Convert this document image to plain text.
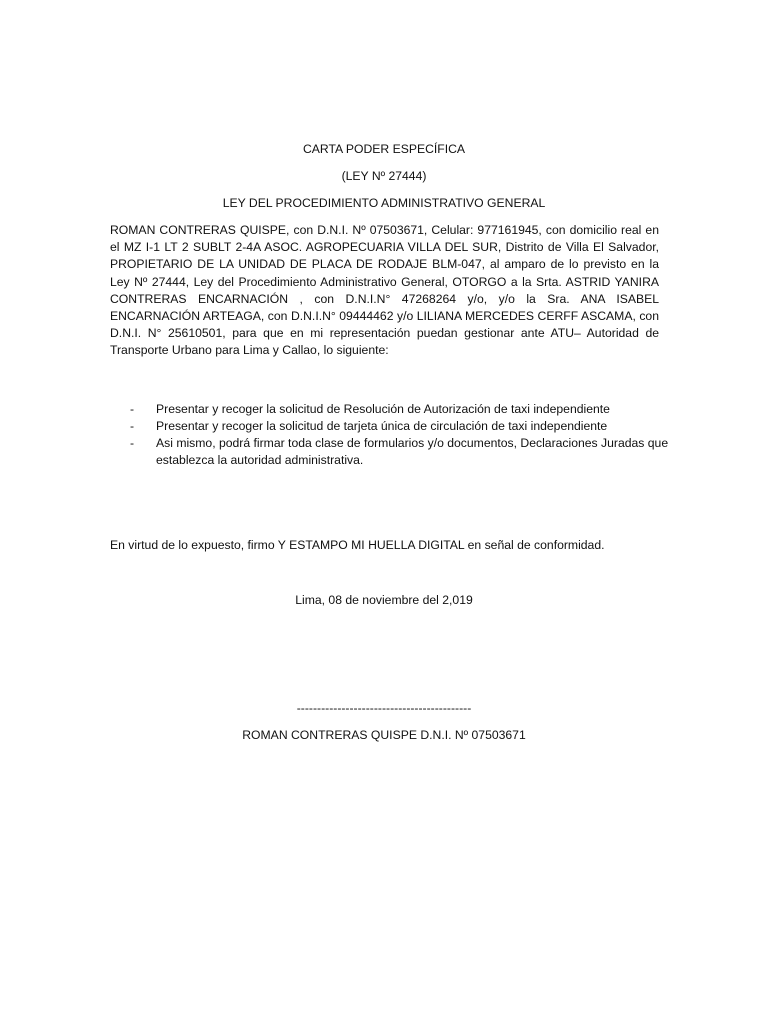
CARTA PODER ESPECÍFICA
(LEY Nº 27444)
LEY DEL PROCEDIMIENTO ADMINISTRATIVO GENERAL
ROMAN CONTRERAS QUISPE, con D.N.I. Nº 07503671, Celular: 977161945, con domicilio real en el MZ I-1 LT 2 SUBLT 2-4A ASOC. AGROPECUARIA VILLA DEL SUR, Distrito de Villa El Salvador, PROPIETARIO DE LA UNIDAD DE PLACA DE RODAJE BLM-047, al amparo de lo previsto en la Ley Nº 27444, Ley del Procedimiento Administrativo General, OTORGO a la Srta. ASTRID YANIRA CONTRERAS ENCARNACIÓN , con D.N.I.N° 47268264 y/o, y/o la Sra. ANA ISABEL ENCARNACIÓN ARTEAGA, con D.N.I.N° 09444462 y/o LILIANA MERCEDES CERFF ASCAMA, con D.N.I. N° 25610501, para que en mi representación puedan gestionar ante ATU– Autoridad de Transporte Urbano para Lima y Callao, lo siguiente:
- Presentar y recoger la solicitud de Resolución de Autorización de taxi independiente
- Presentar y recoger la solicitud de tarjeta única de circulación de taxi independiente
- Asi mismo, podrá firmar toda clase de formularios y/o documentos, Declaraciones Juradas que establezca la autoridad administrativa.
En virtud de lo expuesto, firmo Y ESTAMPO MI HUELLA DIGITAL en señal de conformidad.
Lima, 08 de noviembre del 2,019
-------------------------------------------
ROMAN CONTRERAS QUISPE D.N.I. Nº 07503671
